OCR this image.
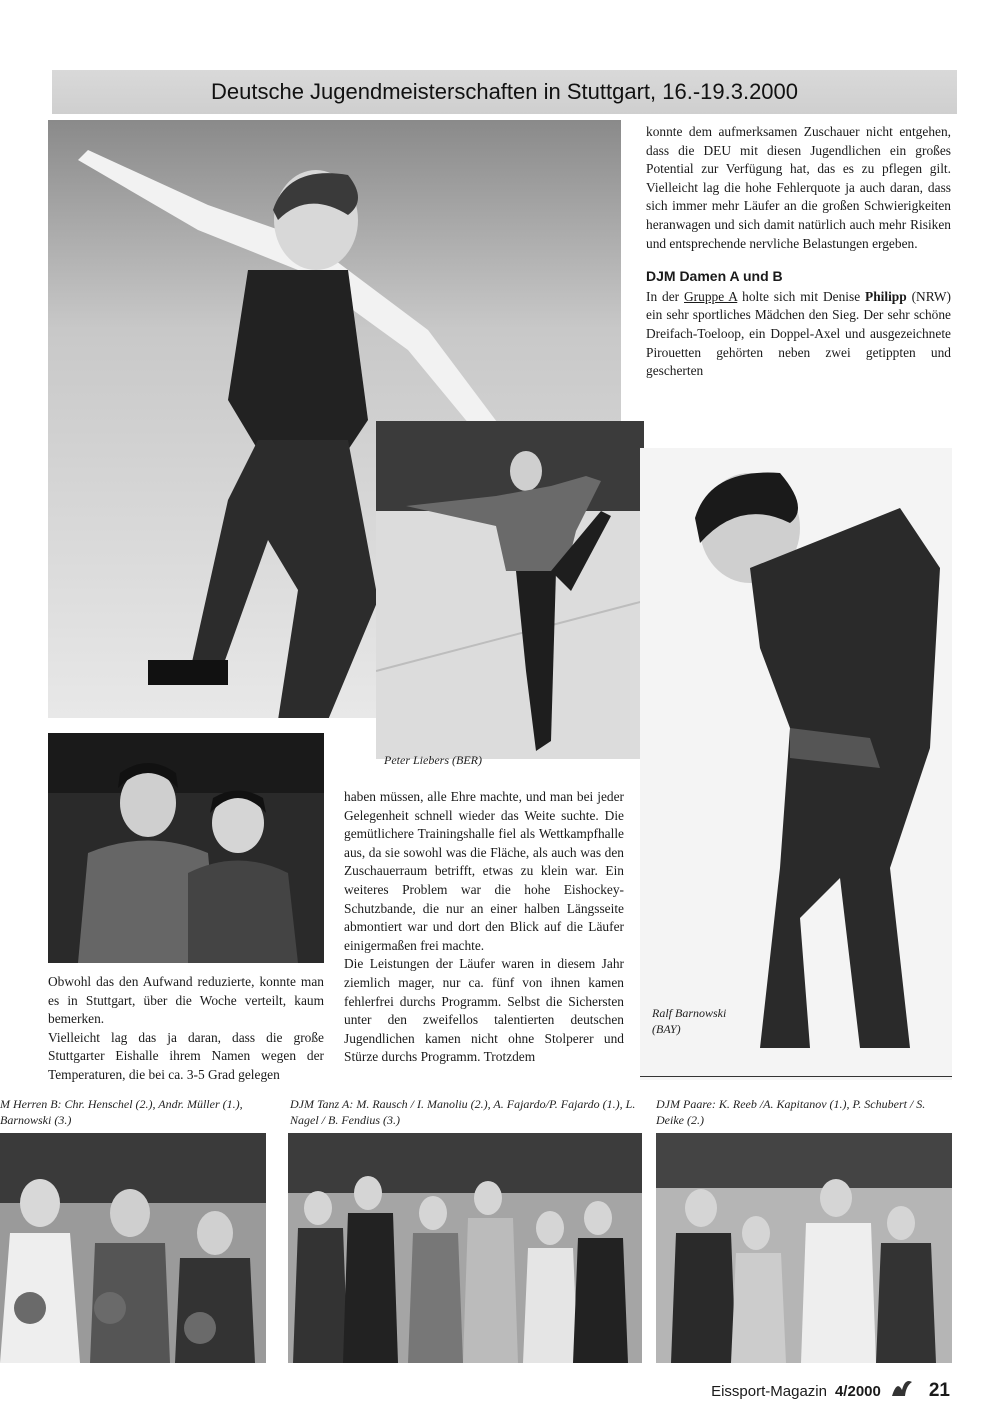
Deutsche Jugendmeisterschaften in Stuttgart, 16.-19.3.2000

konnte dem aufmerksamen Zuschauer nicht entgehen, dass die DEU mit diesen Jugendlichen ein großes Potential zur Verfügung hat, das es zu pflegen gilt. Vielleicht lag die hohe Fehlerquote ja auch daran, dass sich immer mehr Läufer an die großen Schwierigkeiten heranwagen und sich damit natürlich auch mehr Risiken und entsprechende nervliche Belastungen ergeben.

DJM Damen A und B

In der Gruppe A holte sich mit Denise Philipp (NRW) ein sehr sportliches Mädchen den Sieg. Der sehr schöne Dreifach-Toeloop, ein Doppel-Axel und ausgezeichnete Pirouetten gehörten neben zwei getippten und gescherten

Peter Liebers (BER)

haben müssen, alle Ehre machte, und man bei jeder Gelegenheit schnell wieder das Weite suchte. Die gemütlichere Trainingshalle fiel als Wettkampfhalle aus, da sie sowohl was die Fläche, als auch was den Zuschauerraum betrifft, etwas zu klein war. Ein weiteres Problem war die hohe Eishockey-Schutzbande, die nur an einer halben Längsseite abmontiert war und dort den Blick auf die Läufer einigermaßen frei machte.

Die Leistungen der Läufer waren in diesem Jahr ziemlich mager, nur ca. fünf von ihnen kamen fehlerfrei durchs Programm. Selbst die Sichersten unter den zweifellos talentierten deutschen Jugendlichen kamen nicht ohne Stolperer und Stürze durchs Programm. Trotzdem

Obwohl das den Aufwand reduzierte, konnte man es in Stuttgart, über die Woche verteilt, kaum bemerken.

Vielleicht lag das ja daran, dass die große Stuttgarter Eishalle ihrem Namen wegen der Temperaturen, die bei ca. 3-5 Grad gelegen

Ralf Barnowski (BAY)
M Herren B: Chr. Henschel (2.), Andr. Müller (1.), Barnowski (3.)
DJM Tanz A: M. Rausch / I. Manoliu (2.), A. Fajardo/P. Fajardo (1.), L. Nagel / B. Fendius (3.)
DJM Paare: K. Reeb /A. Kapitanov (1.), P. Schubert / S. Deike (2.)
Eissport-Magazin 4/2000	21
